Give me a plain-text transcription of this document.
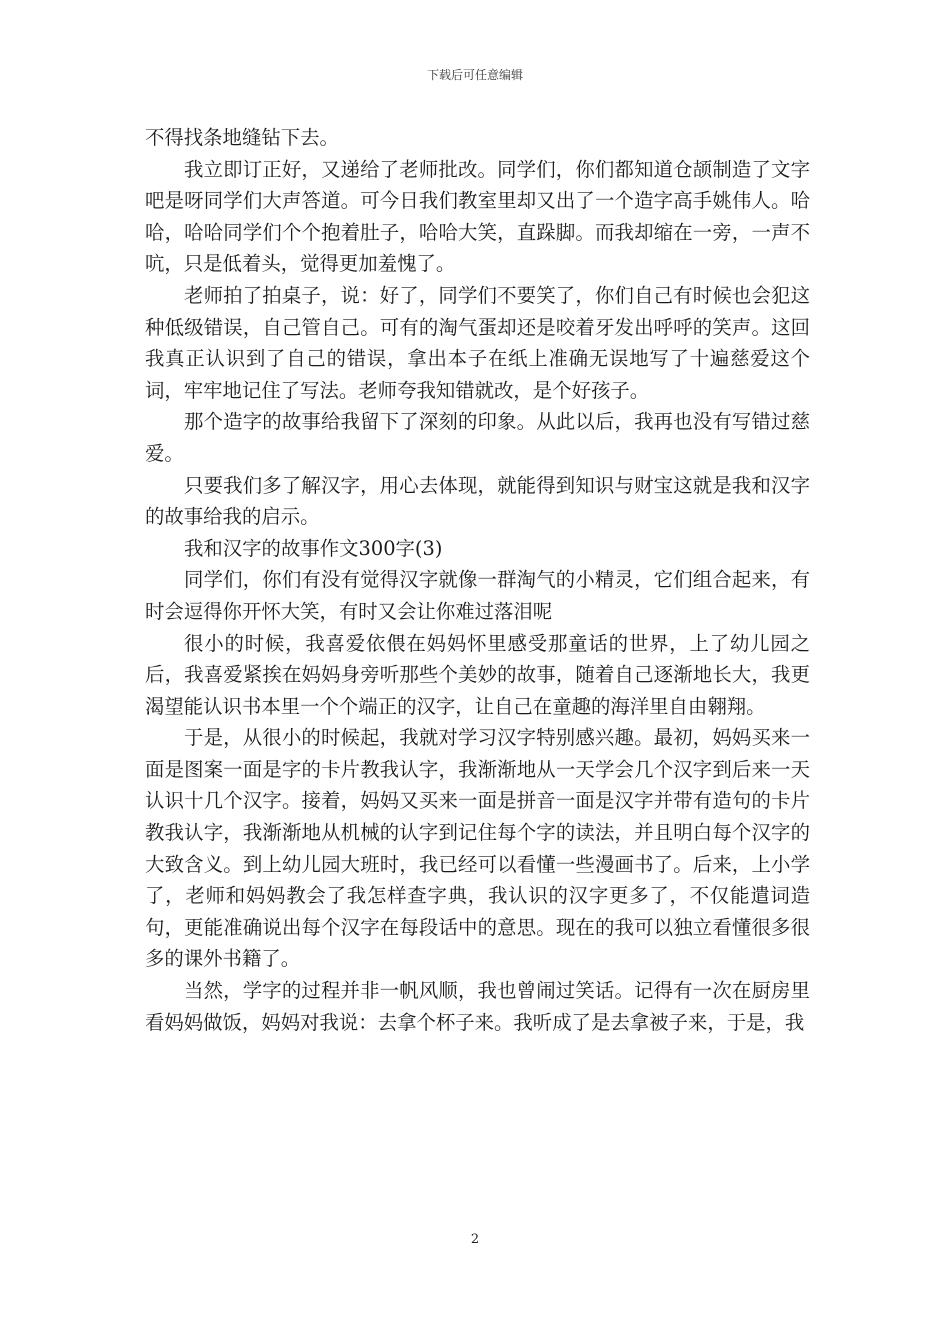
下载后可任意编辑

不得找条地缝钻下去。

我立即订正好，又递给了老师批改。同学们，你们都知道仓颉制造了文字吧是呀同学们大声答道。可今日我们教室里却又出了一个造字高手姚伟人。哈哈，哈哈同学们个个抱着肚子，哈哈大笑，直跺脚。而我却缩在一旁，一声不吭，只是低着头，觉得更加羞愧了。

老师拍了拍桌子，说：好了，同学们不要笑了，你们自己有时候也会犯这种低级错误，自己管自己。可有的淘气蛋却还是咬着牙发出呼呼的笑声。这回我真正认识到了自己的错误，拿出本子在纸上准确无误地写了十遍慈爱这个词，牢牢地记住了写法。老师夸我知错就改，是个好孩子。

那个造字的故事给我留下了深刻的印象。从此以后，我再也没有写错过慈爱。

只要我们多了解汉字，用心去体现，就能得到知识与财宝这就是我和汉字的故事给我的启示。

我和汉字的故事作文300字(3)

同学们，你们有没有觉得汉字就像一群淘气的小精灵，它们组合起来，有时会逗得你开怀大笑，有时又会让你难过落泪呢

很小的时候，我喜爱依偎在妈妈怀里感受那童话的世界，上了幼儿园之后，我喜爱紧挨在妈妈身旁听那些个美妙的故事，随着自己逐渐地长大，我更渴望能认识书本里一个个端正的汉字，让自己在童趣的海洋里自由翱翔。

于是，从很小的时候起，我就对学习汉字特别感兴趣。最初，妈妈买来一面是图案一面是字的卡片教我认字，我渐渐地从一天学会几个汉字到后来一天认识十几个汉字。接着，妈妈又买来一面是拼音一面是汉字并带有造句的卡片教我认字，我渐渐地从机械的认字到记住每个字的读法，并且明白每个汉字的大致含义。到上幼儿园大班时，我已经可以看懂一些漫画书了。后来，上小学了，老师和妈妈教会了我怎样查字典，我认识的汉字更多了，不仅能遣词造句，更能准确说出每个汉字在每段话中的意思。现在的我可以独立看懂很多很多的课外书籍了。

当然，学字的过程并非一帆风顺，我也曾闹过笑话。记得有一次在厨房里看妈妈做饭，妈妈对我说：去拿个杯子来。我听成了是去拿被子来，于是，我

2
